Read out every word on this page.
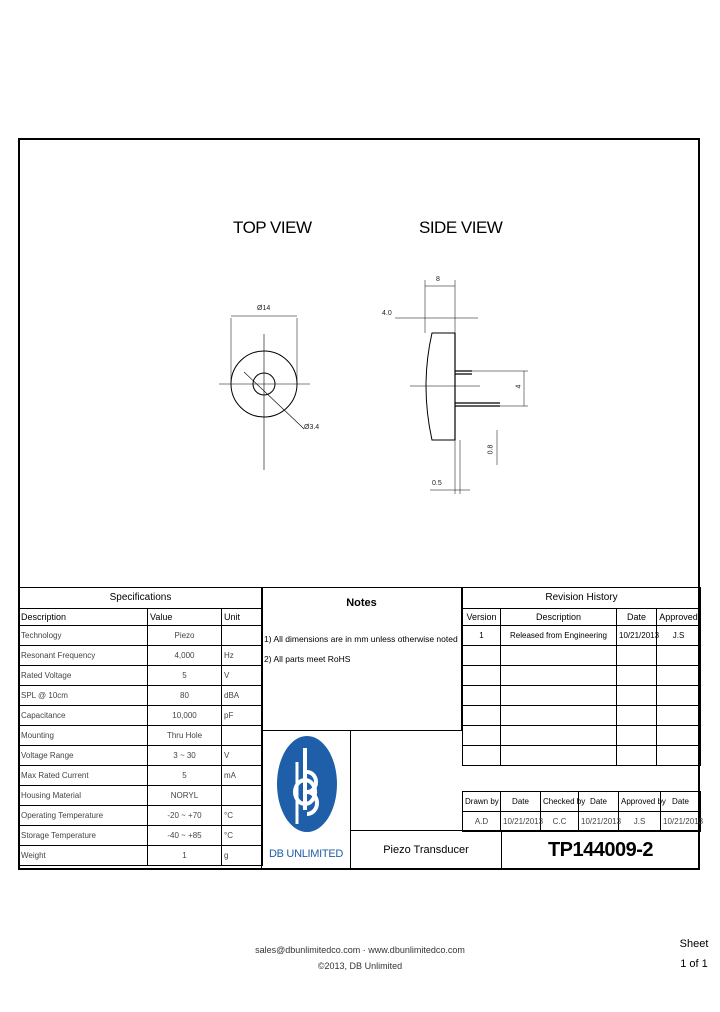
TOP VIEW	SIDE VIEW
Ø14
Ø3.4
8
4.0
4
0.8
0.5
Specifications		
Description	Value	Unit
Technology	Piezo	
Resonant Frequency	4,000	Hz
Rated Voltage	5	V
SPL @ 10cm	80	dBA
Capacitance	10,000	pF
Mounting	Thru Hole	
Voltage Range	3 ~ 30	V
Max Rated Current	5	mA
Housing Material	NORYL	
Operating Temperature	-20 ~ +70	°C
Storage Temperature	-40 ~ +85	°C
Weight	1	g
Notes
1) All dimensions are in mm unless otherwise noted
2) All parts meet RoHS
Revision History			
Version	Description	Date	Approved
1	Released from Engineering	10/21/2013	J.S

Drawn by	Date	Checked by	Date	Approved by	Date
A.D	10/21/2013	C.C	10/21/2013	J.S	10/21/2013
DB UNLIMITED	Piezo Transducer	TP144009-2
sales@dbunlimitedco.com · www.dbunlimitedco.com
©2013, DB Unlimited
Sheet
1 of 1
